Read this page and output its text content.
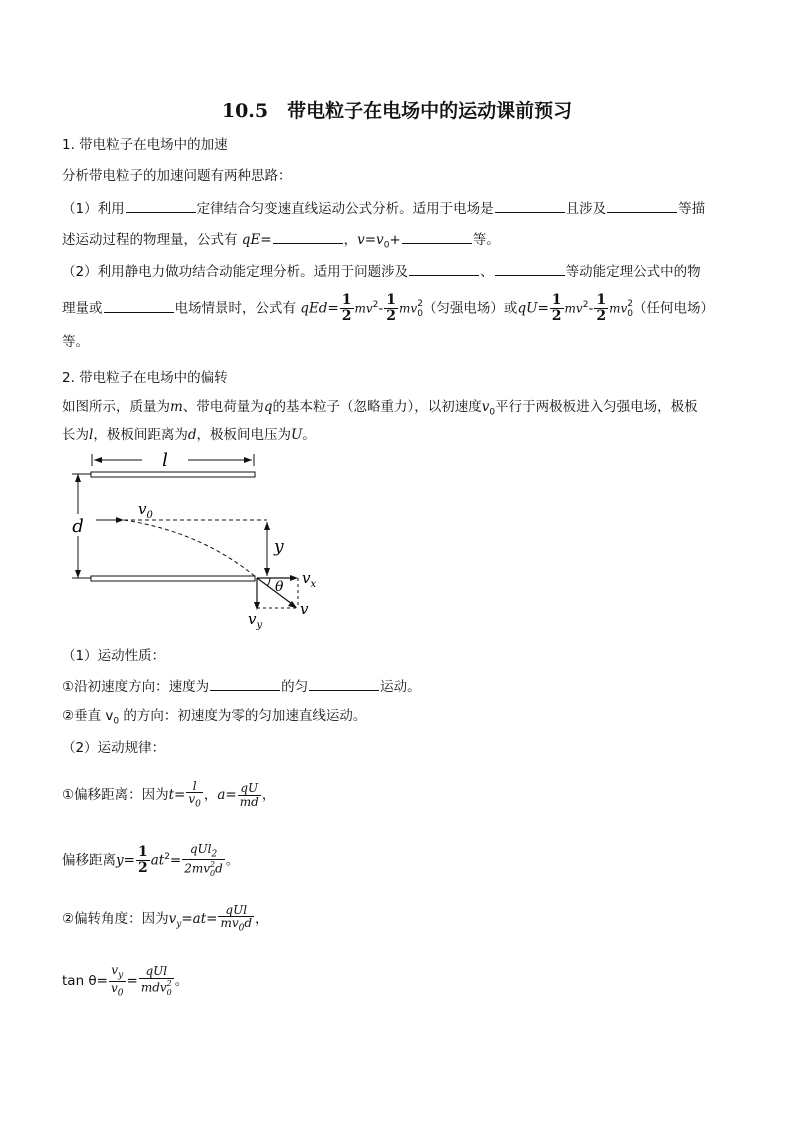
10.5　带电粒子在电场中的运动课前预习
1. 带电粒子在电场中的加速
分析带电粒子的加速问题有两种思路：
（1）利用	定律结合匀变速直线运动公式分析。适用于电场是	且涉及	等描
述运动过程的物理量，公式有 qE=	，$v=v_0+$	等。
（2）利用静电力做功结合动能定理分析。适用于问题涉及	、	等动能定理公式中的物
理量或	电场情景时，公式有 $qEd= \frac{1}{2} mv^2- \frac{1}{2}$ mv 2
0 （匀强电场）或$qU= \frac{1}{2} mv^2- \frac{1}{2}$ mv 2
0 （任何电场）
等。
2. 带电粒子在电场中的偏转
如图所示，质量为m、带电荷量为q的基本粒子（忽略重力），以初速度$v_0$平行于两极板进入匀强电场，极板
长为l，极板间距离为d，极板间电压为U。
l
d
$v_0$
y
$v_x$
$v_y$
v
θ
（1）运动性质：
①沿初速度方向：速度为	的匀	运动。
②垂直 $v_0$ 的方向：初速度为零的匀加速直线运动。
（2）运动规律：
①偏移距离：因为$t= \frac{l}{v_0}$ ，$a= \frac{qU}{md}$ ，
偏移距离$y= \frac{1}{2} at^2= qUl_2$
2mv 2
0 d 。
②偏转角度：因为$v_y=at= \frac{\text{qUl}}{mv_0d}$ ，
$\tan \theta= \frac{v_y}{v_0}$ = qUl
mdv 2
0 。
